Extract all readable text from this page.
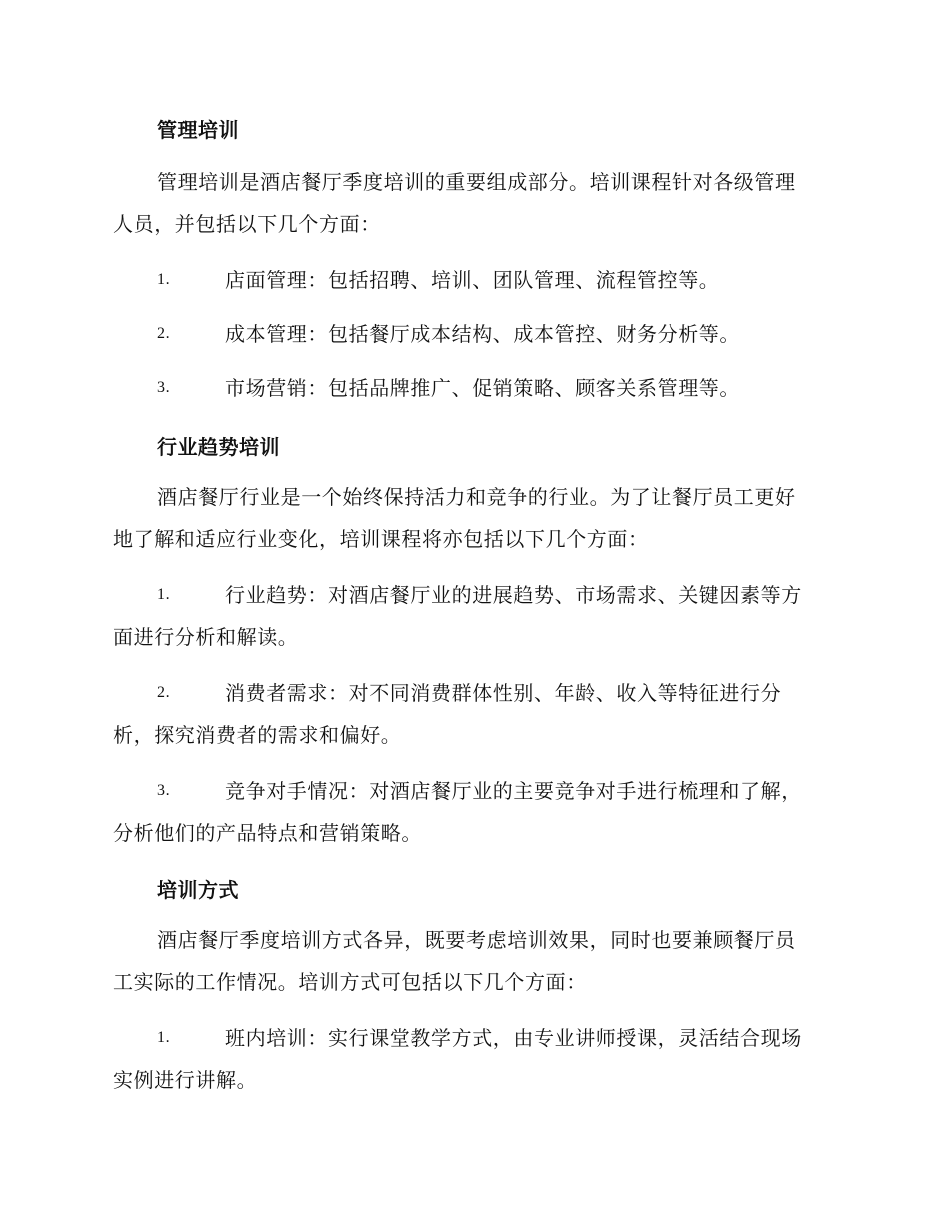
管理培训
管理培训是酒店餐厅季度培训的重要组成部分。培训课程针对各级管理
人员，并包括以下几个方面：
1.	店面管理：包括招聘、培训、团队管理、流程管控等。
2.	成本管理：包括餐厅成本结构、成本管控、财务分析等。
3.	市场营销：包括品牌推广、促销策略、顾客关系管理等。
行业趋势培训
酒店餐厅行业是一个始终保持活力和竞争的行业。为了让餐厅员工更好
地了解和适应行业变化，培训课程将亦包括以下几个方面：
1.	行业趋势：对酒店餐厅业的进展趋势、市场需求、关键因素等方
面进行分析和解读。
2.	消费者需求：对不同消费群体性别、年龄、收入等特征进行分
析，探究消费者的需求和偏好。
3.	竞争对手情况：对酒店餐厅业的主要竞争对手进行梳理和了解，
分析他们的产品特点和营销策略。
培训方式
酒店餐厅季度培训方式各异，既要考虑培训效果，同时也要兼顾餐厅员
工实际的工作情况。培训方式可包括以下几个方面：
1.	班内培训：实行课堂教学方式，由专业讲师授课，灵活结合现场
实例进行讲解。
